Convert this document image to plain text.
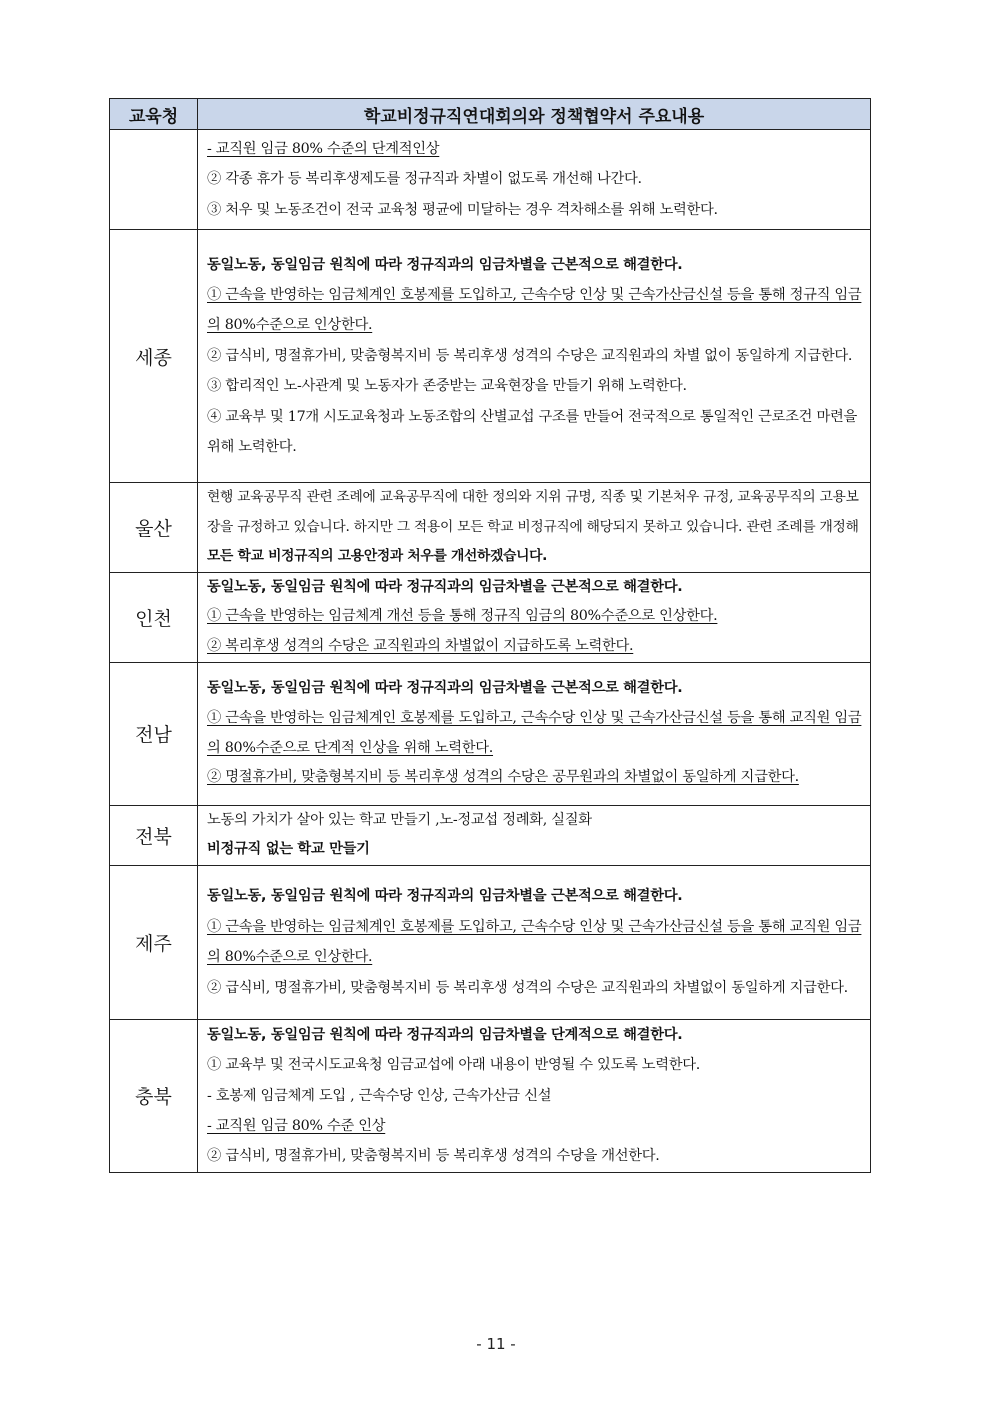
교육청	학교비정규직연대회의와 정책협약서 주요내용

	- 교직원 임금 80% 수준의 단계적인상
② 각종 휴가 등 복리후생제도를 정규직과 차별이 없도록 개선해 나간다.
③ 처우 및 노동조건이 전국 교육청 평균에 미달하는 경우 격차해소를 위해 노력한다.

세종	동일노동, 동일임금 원칙에 따라 정규직과의 임금차별을 근본적으로 해결한다.
① 근속을 반영하는 임금체계인 호봉제를 도입하고, 근속수당 인상 및 근속가산금신설 등을 통해 정규직 임금의 80%수준으로 인상한다.
② 급식비, 명절휴가비, 맞춤형복지비 등 복리후생 성격의 수당은 교직원과의 차별 없이 동일하게 지급한다.
③ 합리적인 노-사관계 및 노동자가 존중받는 교육현장을 만들기 위해 노력한다.
④ 교육부 및 17개 시도교육청과 노동조합의 산별교섭 구조를 만들어 전국적으로 통일적인 근로조건 마련을 위해 노력한다.

울산	현행 교육공무직 관련 조례에 교육공무직에 대한 정의와 지위 규명, 직종 및 기본처우 규정, 교육공무직의 고용보장을 규정하고 있습니다. 하지만 그 적용이 모든 학교 비정규직에 해당되지 못하고 있습니다. 관련 조례를 개정해 모든 학교 비정규직의 고용안정과 처우를 개선하겠습니다.

인천	동일노동, 동일임금 원칙에 따라 정규직과의 임금차별을 근본적으로 해결한다.
① 근속을 반영하는 임금체계 개선 등을 통해 정규직 임금의 80%수준으로 인상한다.
② 복리후생 성격의 수당은 교직원과의 차별없이 지급하도록 노력한다.

전남	동일노동, 동일임금 원칙에 따라 정규직과의 임금차별을 근본적으로 해결한다.
① 근속을 반영하는 임금체계인 호봉제를 도입하고, 근속수당 인상 및 근속가산금신설 등을 통해 교직원 임금의 80%수준으로 단계적 인상을 위해 노력한다.
② 명절휴가비, 맞춤형복지비 등 복리후생 성격의 수당은 공무원과의 차별없이 동일하게 지급한다.

전북	노동의 가치가 살아 있는 학교 만들기 ,노-정교섭 정례화, 실질화
비정규직 없는 학교 만들기

제주	동일노동, 동일임금 원칙에 따라 정규직과의 임금차별을 근본적으로 해결한다.
① 근속을 반영하는 임금체계인 호봉제를 도입하고, 근속수당 인상 및 근속가산금신설 등을 통해 교직원 임금의 80%수준으로 인상한다.
② 급식비, 명절휴가비, 맞춤형복지비 등 복리후생 성격의 수당은 교직원과의 차별없이 동일하게 지급한다.

충북	동일노동, 동일임금 원칙에 따라 정규직과의 임금차별을 단계적으로 해결한다.
① 교육부 및 전국시도교육청 임금교섭에 아래 내용이 반영될 수 있도록 노력한다.
- 호봉제 임금체계 도입 , 근속수당 인상, 근속가산금 신설
- 교직원 임금 80% 수준 인상
② 급식비, 명절휴가비, 맞춤형복지비 등 복리후생 성격의 수당을 개선한다.
- 11 -
